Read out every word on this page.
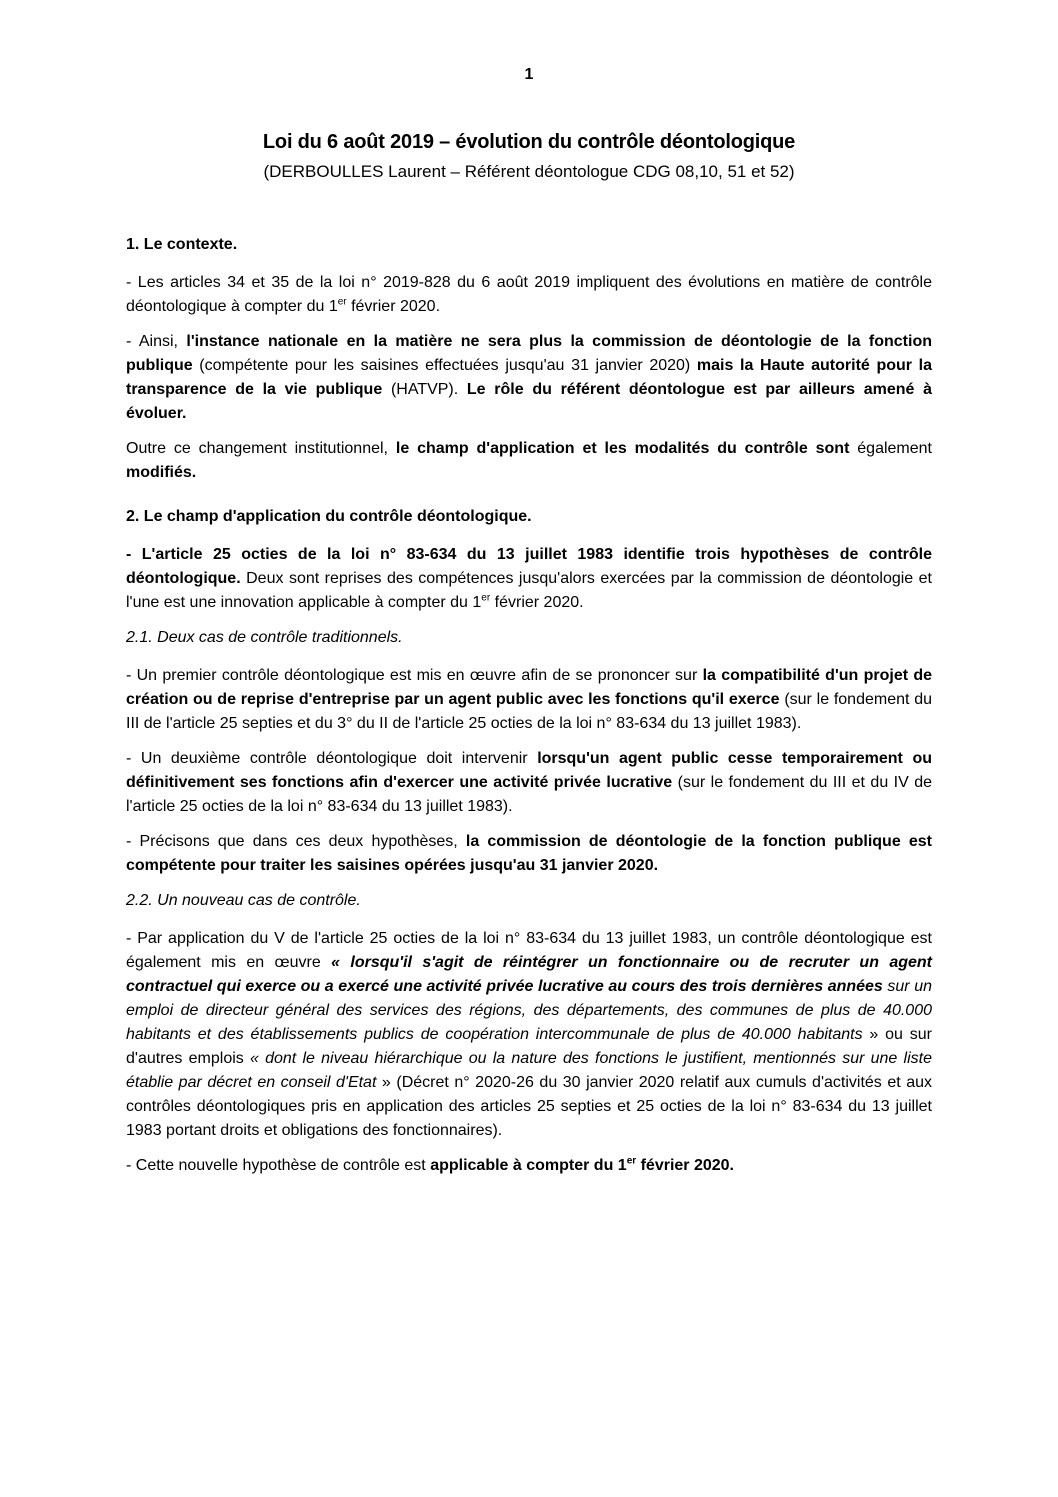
1
Loi du 6 août 2019 – évolution du contrôle déontologique
(DERBOULLES Laurent – Référent déontologue CDG 08,10, 51 et 52)

1. Le contexte.

- Les articles 34 et 35 de la loi n° 2019-828 du 6 août 2019 impliquent des évolutions en matière de contrôle déontologique à compter du 1er février 2020.

- Ainsi, l'instance nationale en la matière ne sera plus la commission de déontologie de la fonction publique (compétente pour les saisines effectuées jusqu'au 31 janvier 2020) mais la Haute autorité pour la transparence de la vie publique (HATVP). Le rôle du référent déontologue est par ailleurs amené à évoluer.

Outre ce changement institutionnel, le champ d'application et les modalités du contrôle sont également modifiés.

2. Le champ d'application du contrôle déontologique.

- L'article 25 octies de la loi n° 83-634 du 13 juillet 1983 identifie trois hypothèses de contrôle déontologique. Deux sont reprises des compétences jusqu'alors exercées par la commission de déontologie et l'une est une innovation applicable à compter du 1er février 2020.

2.1. Deux cas de contrôle traditionnels.

- Un premier contrôle déontologique est mis en œuvre afin de se prononcer sur la compatibilité d'un projet de création ou de reprise d'entreprise par un agent public avec les fonctions qu'il exerce (sur le fondement du III de l'article 25 septies et du 3° du II de l'article 25 octies de la loi n° 83-634 du 13 juillet 1983).

- Un deuxième contrôle déontologique doit intervenir lorsqu'un agent public cesse temporairement ou définitivement ses fonctions afin d'exercer une activité privée lucrative (sur le fondement du III et du IV de l'article 25 octies de la loi n° 83-634 du 13 juillet 1983).

- Précisons que dans ces deux hypothèses, la commission de déontologie de la fonction publique est compétente pour traiter les saisines opérées jusqu'au 31 janvier 2020.

2.2. Un nouveau cas de contrôle.

- Par application du V de l'article 25 octies de la loi n° 83-634 du 13 juillet 1983, un contrôle déontologique est également mis en œuvre « lorsqu'il s'agit de réintégrer un fonctionnaire ou de recruter un agent contractuel qui exerce ou a exercé une activité privée lucrative au cours des trois dernières années sur un emploi de directeur général des services des régions, des départements, des communes de plus de 40.000 habitants et des établissements publics de coopération intercommunale de plus de 40.000 habitants » ou sur d'autres emplois « dont le niveau hiérarchique ou la nature des fonctions le justifient, mentionnés sur une liste établie par décret en conseil d'Etat » (Décret n° 2020-26 du 30 janvier 2020 relatif aux cumuls d'activités et aux contrôles déontologiques pris en application des articles 25 septies et 25 octies de la loi n° 83-634 du 13 juillet 1983 portant droits et obligations des fonctionnaires).

- Cette nouvelle hypothèse de contrôle est applicable à compter du 1er février 2020.
